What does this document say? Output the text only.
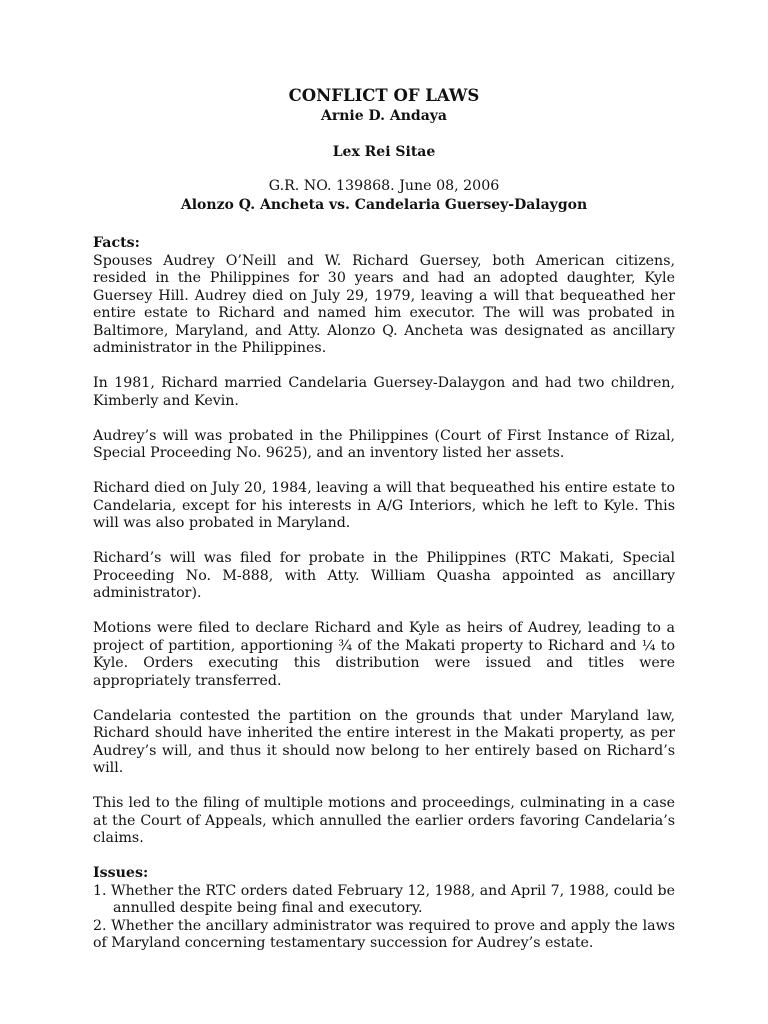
CONFLICT OF LAWS
Arnie D. Andaya
Lex Rei Sitae
G.R. NO. 139868. June 08, 2006
Alonzo Q. Ancheta vs. Candelaria Guersey-Dalaygon
Facts:

Spouses Audrey O’Neill and W. Richard Guersey, both American citizens, resided in the Philippines for 30 years and had an adopted daughter, Kyle Guersey Hill. Audrey died on July 29, 1979, leaving a will that bequeathed her entire estate to Richard and named him executor. The will was probated in Baltimore, Maryland, and Atty. Alonzo Q. Ancheta was designated as ancillary administrator in the Philippines.

In 1981, Richard married Candelaria Guersey-Dalaygon and had two children, Kimberly and Kevin.

Audrey’s will was probated in the Philippines (Court of First Instance of Rizal, Special Proceeding No. 9625), and an inventory listed her assets.

Richard died on July 20, 1984, leaving a will that bequeathed his entire estate to Candelaria, except for his interests in A/G Interiors, which he left to Kyle. This will was also probated in Maryland.

Richard’s will was filed for probate in the Philippines (RTC Makati, Special Proceeding No. M-888, with Atty. William Quasha appointed as ancillary administrator).

Motions were filed to declare Richard and Kyle as heirs of Audrey, leading to a project of partition, apportioning ¾ of the Makati property to Richard and ¼ to Kyle. Orders executing this distribution were issued and titles were appropriately transferred.

Candelaria contested the partition on the grounds that under Maryland law, Richard should have inherited the entire interest in the Makati property, as per Audrey’s will, and thus it should now belong to her entirely based on Richard’s will.

This led to the filing of multiple motions and proceedings, culminating in a case at the Court of Appeals, which annulled the earlier orders favoring Candelaria’s claims.

Issues:
1. Whether the RTC orders dated February 12, 1988, and April 7, 1988, could be annulled despite being final and executory.
2. Whether the ancillary administrator was required to prove and apply the laws of Maryland concerning testamentary succession for Audrey’s estate.
